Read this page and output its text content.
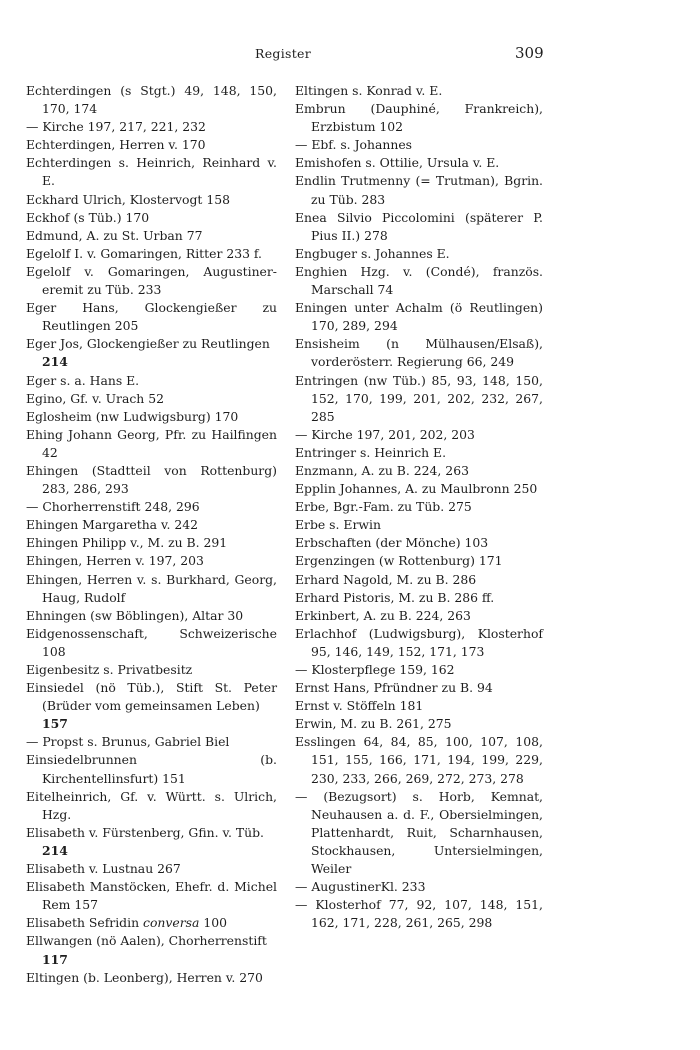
Register	309

Echterdingen (s Stgt.) 49, 148, 150, 170, 174

— Kirche 197, 217, 221, 232

Echterdingen, Herren v. 170

Echterdingen s. Heinrich, Reinhard v. E.

Eckhard Ulrich, Klostervogt 158

Eckhof (s Tüb.) 170

Edmund, A. zu St. Urban 77

Egelolf I. v. Gomaringen, Ritter 233 f.

Egelolf v. Gomaringen, Augustiner-eremit zu Tüb. 233

Eger Hans, Glockengießer zu Reutlingen 205

Eger Jos, Glockengießer zu Reutlingen
214

Eger s. a. Hans E.

Egino, Gf. v. Urach 52

Eglosheim (nw Ludwigsburg) 170

Ehing Johann Georg, Pfr. zu Hailfingen 42

Ehingen (Stadtteil von Rottenburg) 283, 286, 293

— Chorherrenstift 248, 296

Ehingen Margaretha v. 242

Ehingen Philipp v., M. zu B. 291

Ehingen, Herren v. 197, 203

Ehingen, Herren v. s. Burkhard, Georg, Haug, Rudolf

Ehningen (sw Böblingen), Altar 30

Eidgenossenschaft, Schweizerische 108

Eigenbesitz s. Privatbesitz

Einsiedel (nö Tüb.), Stift St. Peter (Brüder vom gemeinsamen Leben)
157

— Propst s. Brunus, Gabriel Biel

Einsiedelbrunnen (b. Kirchentellinsfurt) 151

Eitelheinrich, Gf. v. Württ. s. Ulrich, Hzg.

Elisabeth v. Fürstenberg, Gfin. v. Tüb.
214

Elisabeth v. Lustnau 267

Elisabeth Manstöcken, Ehefr. d. Michel Rem 157

Elisabeth Sefridin conversa 100

Ellwangen (nö Aalen), Chorherrenstift
117

Eltingen (b. Leonberg), Herren v. 270

Eltingen s. Konrad v. E.

Embrun (Dauphiné, Frankreich), Erzbistum 102

— Ebf. s. Johannes

Emishofen s. Ottilie, Ursula v. E.

Endlin Trutmenny (= Trutman), Bgrin. zu Tüb. 283

Enea Silvio Piccolomini (späterer P. Pius II.) 278

Engbuger s. Johannes E.

Enghien Hzg. v. (Condé), französ. Marschall 74

Eningen unter Achalm (ö Reutlingen) 170, 289, 294

Ensisheim (n Mülhausen/Elsaß), vorderösterr. Regierung 66, 249

Entringen (nw Tüb.) 85, 93, 148, 150, 152, 170, 199, 201, 202, 232, 267, 285

— Kirche 197, 201, 202, 203

Entringer s. Heinrich E.

Enzmann, A. zu B. 224, 263

Epplin Johannes, A. zu Maulbronn 250

Erbe, Bgr.-Fam. zu Tüb. 275

Erbe s. Erwin

Erbschaften (der Mönche) 103

Ergenzingen (w Rottenburg) 171

Erhard Nagold, M. zu B. 286

Erhard Pistoris, M. zu B. 286 ff.

Erkinbert, A. zu B. 224, 263

Erlachhof (Ludwigsburg), Klosterhof 95, 146, 149, 152, 171, 173

— Klosterpflege 159, 162

Ernst Hans, Pfründner zu B. 94

Ernst v. Stöffeln 181

Erwin, M. zu B. 261, 275

Esslingen 64, 84, 85, 100, 107, 108, 151, 155, 166, 171, 194, 199, 229, 230, 233, 266, 269, 272, 273, 278

— (Bezugsort) s. Horb, Kemnat, Neuhausen a. d. F., Obersielmingen, Plattenhardt, Ruit, Scharnhausen, Stockhausen, Untersielmingen, Weiler

— AugustinerKl. 233

— Klosterhof 77, 92, 107, 148, 151, 162, 171, 228, 261, 265, 298
